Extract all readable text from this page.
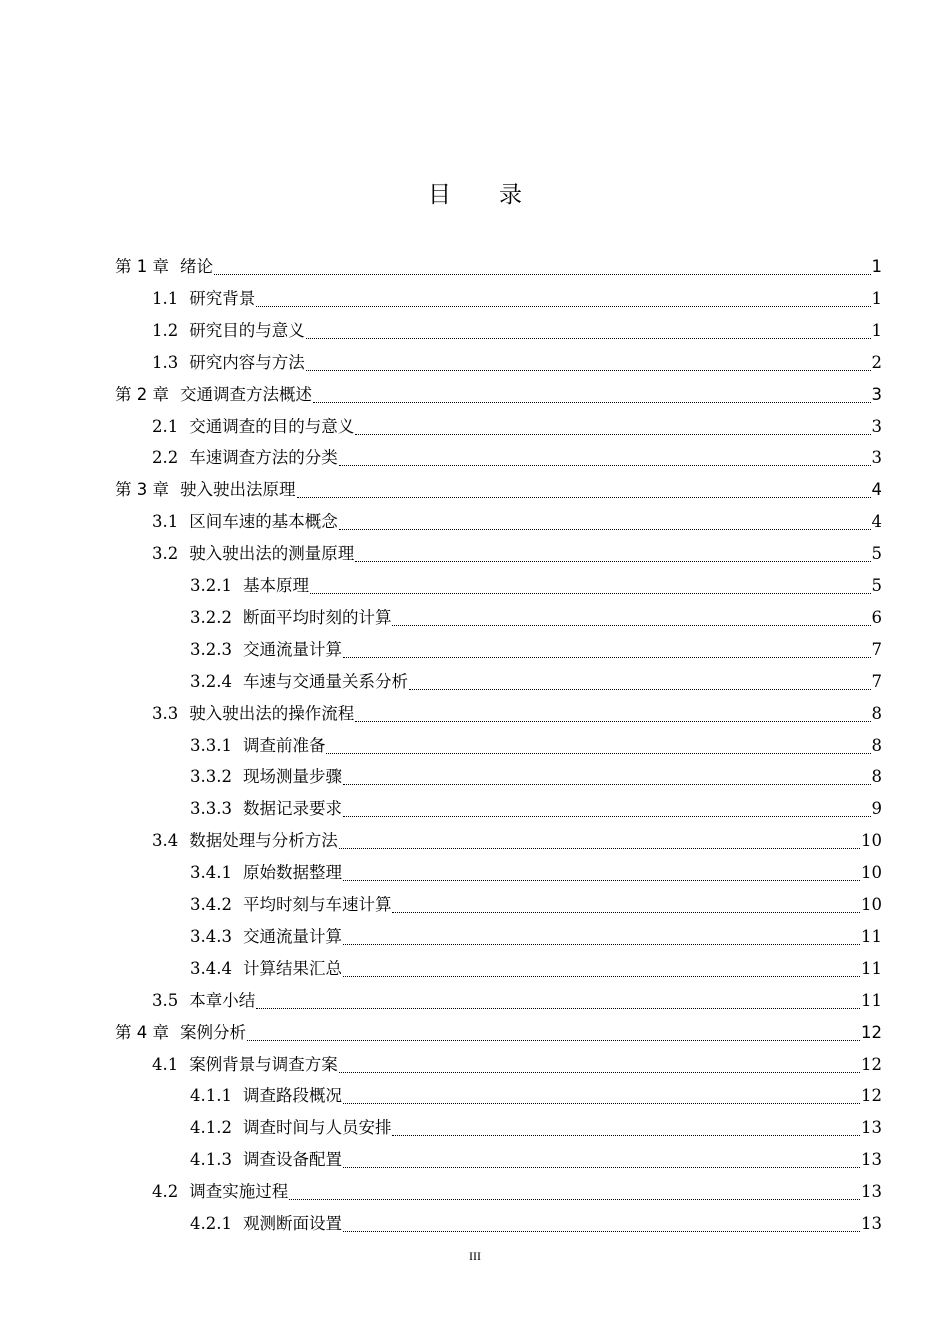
目 录
第 1 章 绪论	1
1.1 研究背景	1
1.2 研究目的与意义	1
1.3 研究内容与方法	2
第 2 章 交通调查方法概述	3
2.1 交通调查的目的与意义	3
2.2 车速调查方法的分类	3
第 3 章 驶入驶出法原理	4
3.1 区间车速的基本概念	4
3.2 驶入驶出法的测量原理	5
3.2.1 基本原理	5
3.2.2 断面平均时刻的计算	6
3.2.3 交通流量计算	7
3.2.4 车速与交通量关系分析	7
3.3 驶入驶出法的操作流程	8
3.3.1 调查前准备	8
3.3.2 现场测量步骤	8
3.3.3 数据记录要求	9
3.4 数据处理与分析方法	10
3.4.1 原始数据整理	10
3.4.2 平均时刻与车速计算	10
3.4.3 交通流量计算	11
3.4.4 计算结果汇总	11
3.5 本章小结	11
第 4 章 案例分析	12
4.1 案例背景与调查方案	12
4.1.1 调查路段概况	12
4.1.2 调查时间与人员安排	13
4.1.3 调查设备配置	13
4.2 调查实施过程	13
4.2.1 观测断面设置	13
III
